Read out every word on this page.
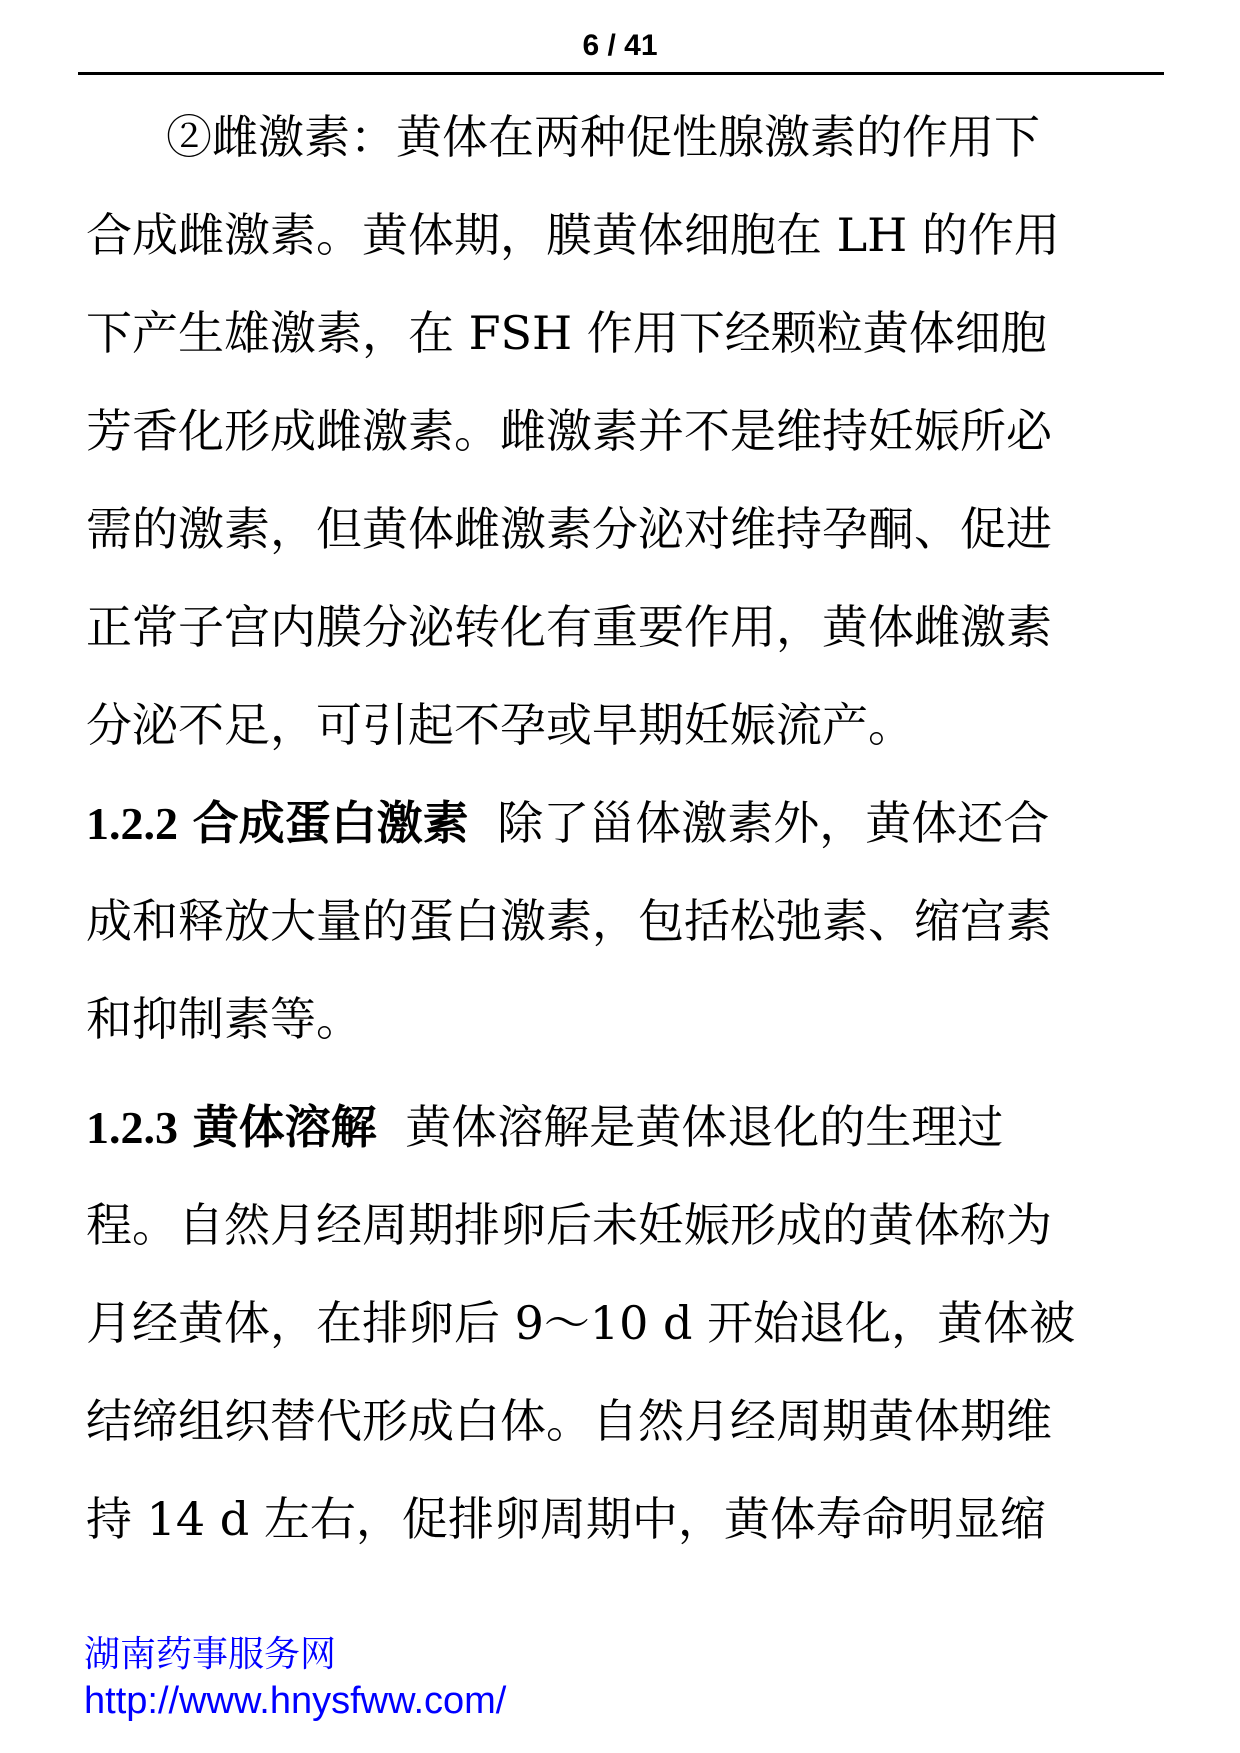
6 / 41
②雌激素：黄体在两种促性腺激素的作用下
合成雌激素。黄体期，膜黄体细胞在 LH 的作用
下产生雄激素，在 FSH 作用下经颗粒黄体细胞
芳香化形成雌激素。雌激素并不是维持妊娠所必
需的激素，但黄体雌激素分泌对维持孕酮、促进
正常子宫内膜分泌转化有重要作用，黄体雌激素
分泌不足，可引起不孕或早期妊娠流产。
1.2.2 合成蛋白激素 除了甾体激素外，黄体还合
成和释放大量的蛋白激素，包括松弛素、缩宫素
和抑制素等。
1.2.3 黄体溶解 黄体溶解是黄体退化的生理过
程。自然月经周期排卵后未妊娠形成的黄体称为
月经黄体，在排卵后 9～10 d 开始退化，黄体被
结缔组织替代形成白体。自然月经周期黄体期维
持 14 d 左右，促排卵周期中，黄体寿命明显缩
湖南药事服务网
http://www.hnysfww.com/
